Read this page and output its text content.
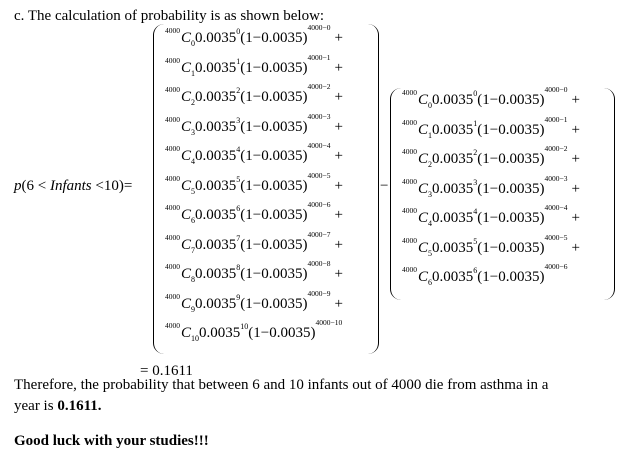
c. The calculation of probability is as shown below:
p(6 < Infants <10)=
$^{4000}C_00.0035^0(1-0.0035)^{4000-0}+$
$^{4000}C_10.0035^1(1-0.0035)^{4000-1}+$
$^{4000}C_20.0035^2(1-0.0035)^{4000-2}+$
$^{4000}C_30.0035^3(1-0.0035)^{4000-3}+$
$^{4000}C_40.0035^4(1-0.0035)^{4000-4}+$
$^{4000}C_50.0035^5(1-0.0035)^{4000-5}+$
$^{4000}C_60.0035^6(1-0.0035)^{4000-6}+$
$^{4000}C_70.0035^7(1-0.0035)^{4000-7}+$
$^{4000}C_80.0035^8(1-0.0035)^{4000-8}+$
$^{4000}C_90.0035^9(1-0.0035)^{4000-9}+$
$^{4000}C_{10}0.0035^{10}(1-0.0035)^{4000-10}$
−
$^{4000}C_00.0035^0(1-0.0035)^{4000-0}+$
$^{4000}C_10.0035^1(1-0.0035)^{4000-1}+$
$^{4000}C_20.0035^2(1-0.0035)^{4000-2}+$
$^{4000}C_30.0035^3(1-0.0035)^{4000-3}+$
$^{4000}C_40.0035^4(1-0.0035)^{4000-4}+$
$^{4000}C_50.0035^5(1-0.0035)^{4000-5}+$
$^{4000}C_60.0035^6(1-0.0035)^{4000-6}$
= 0.1611
Therefore, the probability that between 6 and 10 infants out of 4000 die from asthma in a
year is 0.1611.
Good luck with your studies!!!
